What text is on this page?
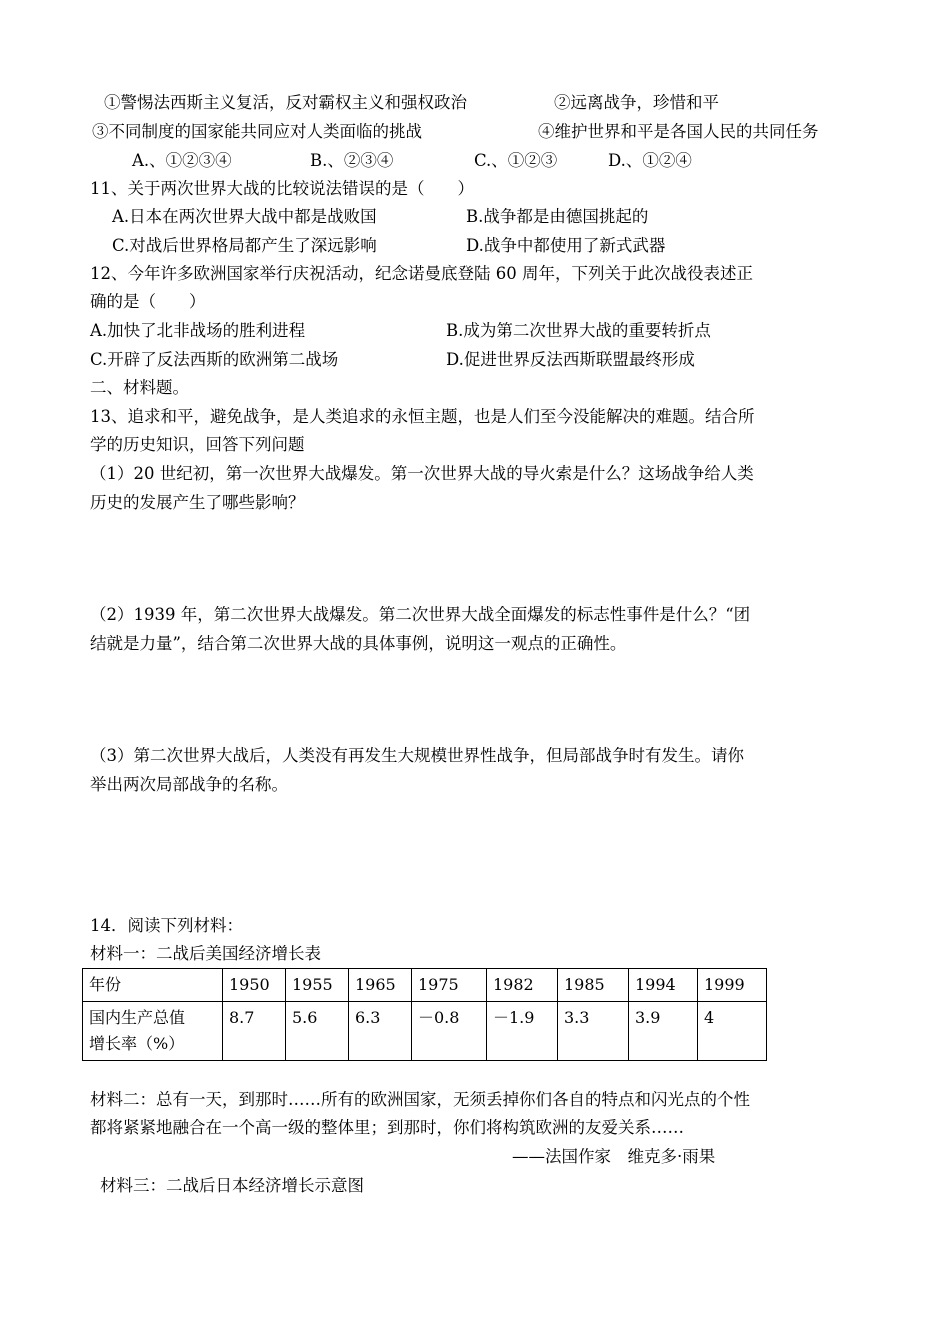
①警惕法西斯主义复活，反对霸权主义和强权政治	②远离战争，珍惜和平
③不同制度的国家能共同应对人类面临的挑战	④维护世界和平是各国人民的共同任务
A.、①②③④	B.、②③④	C.、①②③	D.、①②④
11、关于两次世界大战的比较说法错误的是（　　）
A.日本在两次世界大战中都是战败国	B.战争都是由德国挑起的
C.对战后世界格局都产生了深远影响	D.战争中都使用了新式武器
12、今年许多欧洲国家举行庆祝活动，纪念诺曼底登陆 60 周年，下列关于此次战役表述正
确的是（　　）
A.加快了北非战场的胜利进程	B.成为第二次世界大战的重要转折点
C.开辟了反法西斯的欧洲第二战场	D.促进世界反法西斯联盟最终形成
二、材料题。
13、追求和平，避免战争，是人类追求的永恒主题，也是人们至今没能解决的难题。结合所
学的历史知识，回答下列问题
（1）20 世纪初，第一次世界大战爆发。第一次世界大战的导火索是什么？这场战争给人类
历史的发展产生了哪些影响？
（2）1939 年，第二次世界大战爆发。第二次世界大战全面爆发的标志性事件是什么？“团
结就是力量”，结合第二次世界大战的具体事例，说明这一观点的正确性。
（3）第二次世界大战后，人类没有再发生大规模世界性战争，但局部战争时有发生。请你
举出两次局部战争的名称。
14．阅读下列材料：
材料一：二战后美国经济增长表
年份	1950	1955	1965	1975	1982	1985	1994	1999
国内生产总值
增长率（%）	8.7	5.6	6.3	－0.8	－1.9	3.3	3.9	4
材料二：总有一天，到那时……所有的欧洲国家，无须丢掉你们各自的特点和闪光点的个性
都将紧紧地融合在一个高一级的整体里；到那时，你们将构筑欧洲的友爱关系……
——法国作家　维克多·雨果
材料三：二战后日本经济增长示意图
